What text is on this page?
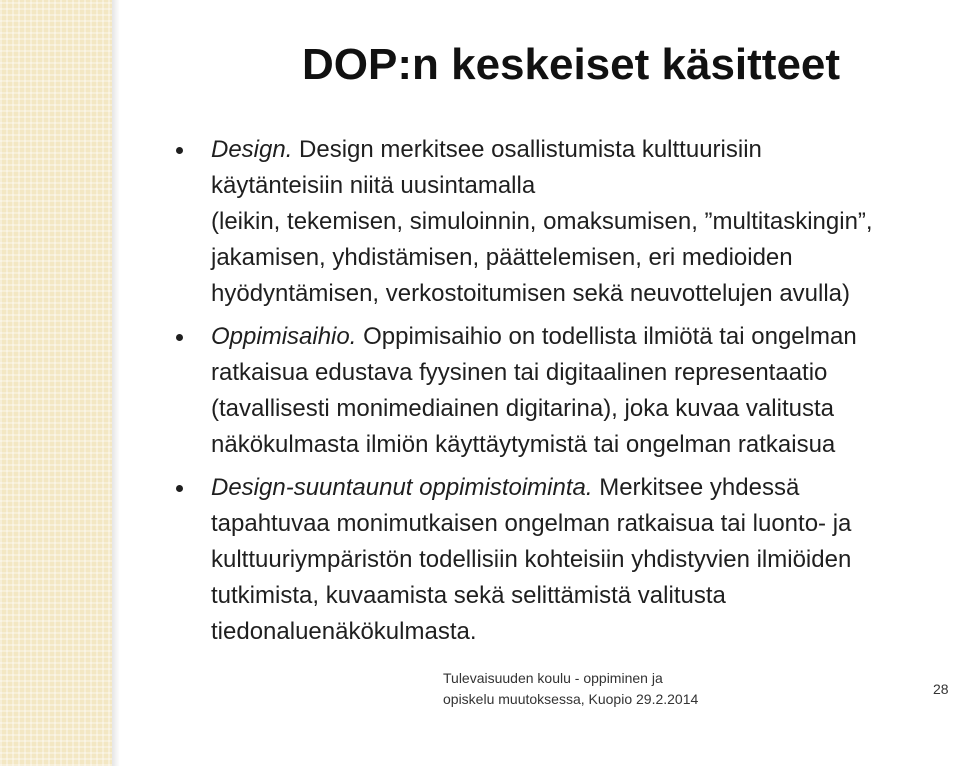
DOP:n keskeiset käsitteet
Design. Design merkitsee osallistumista kulttuurisiin
käytänteisiin niitä uusintamalla
(leikin, tekemisen, simuloinnin, omaksumisen, ”multitaskingin”,
jakamisen, yhdistämisen, päättelemisen, eri medioiden
hyödyntämisen, verkostoitumisen sekä neuvottelujen avulla)
Oppimisaihio. Oppimisaihio on todellista ilmiötä tai ongelman
ratkaisua edustava fyysinen tai digitaalinen representaatio
(tavallisesti monimediainen digitarina), joka kuvaa valitusta
näkökulmasta ilmiön käyttäytymistä tai ongelman ratkaisua
Design-suuntaunut oppimistoiminta. Merkitsee yhdessä
tapahtuvaa monimutkaisen ongelman ratkaisua tai luonto- ja
kulttuuriympäristön todellisiin kohteisiin yhdistyvien ilmiöiden
tutkimista, kuvaamista sekä selittämistä valitusta
tiedonaluenäkökulmasta.
Tulevaisuuden koulu - oppiminen ja
opiskelu muutoksessa, Kuopio 29.2.2014
28
